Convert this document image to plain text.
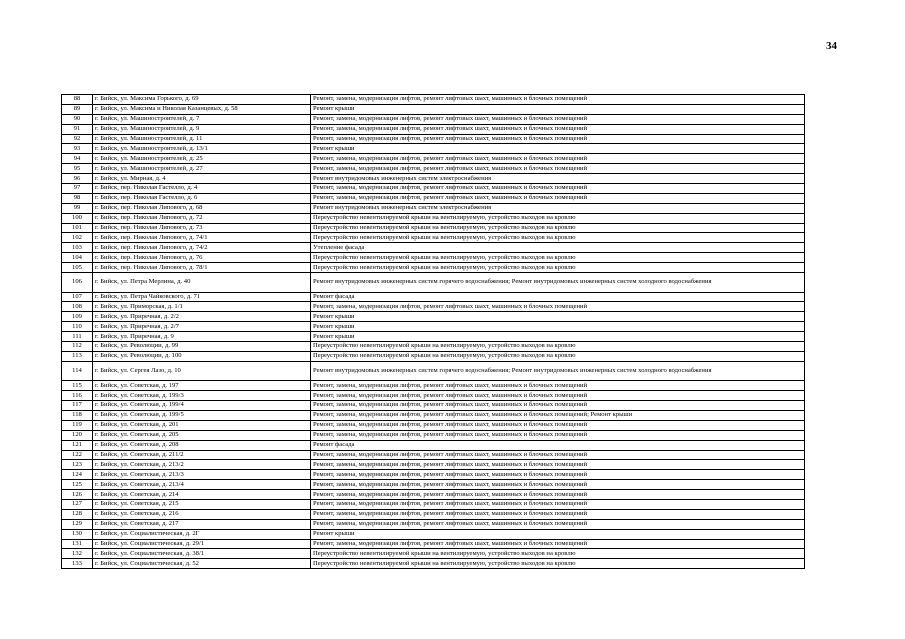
34
88	г. Бийск, ул. Максима Горького, д. 69	Ремонт, замена, модернизация лифтов, ремонт лифтовых шахт, машинных и блочных помещений
89	г. Бийск, ул. Максима и Николая Казанцевых, д. 58	Ремонт крыши
90	г. Бийск, ул. Машиностроителей, д. 7	Ремонт, замена, модернизация лифтов, ремонт лифтовых шахт, машинных и блочных помещений
91	г. Бийск, ул. Машиностроителей, д. 9	Ремонт, замена, модернизация лифтов, ремонт лифтовых шахт, машинных и блочных помещений
92	г. Бийск, ул. Машиностроителей, д. 11	Ремонт, замена, модернизация лифтов, ремонт лифтовых шахт, машинных и блочных помещений
93	г. Бийск, ул. Машиностроителей, д. 13/1	Ремонт крыши
94	г. Бийск, ул. Машиностроителей, д. 25	Ремонт, замена, модернизация лифтов, ремонт лифтовых шахт, машинных и блочных помещений
95	г. Бийск, ул. Машиностроителей, д. 27	Ремонт, замена, модернизация лифтов, ремонт лифтовых шахт, машинных и блочных помещений
96	г. Бийск, ул. Мирная, д. 4	Ремонт внутридомовых инженерных систем электроснабжения
97	г. Бийск, пер. Николая Гастелло, д. 4	Ремонт, замена, модернизация лифтов, ремонт лифтовых шахт, машинных и блочных помещений
98	г. Бийск, пер. Николая Гастелло, д. 6	Ремонт, замена, модернизация лифтов, ремонт лифтовых шахт, машинных и блочных помещений
99	г. Бийск, пер. Николая Липового, д. 68	Ремонт внутридомовых инженерных систем электроснабжения
100	г. Бийск, пер. Николая Липового, д. 72	Переустройство невентилируемой крыши на вентилируемую, устройство выходов на кровлю
101	г. Бийск, пер. Николая Липового, д. 73	Переустройство невентилируемой крыши на вентилируемую, устройство выходов на кровлю
102	г. Бийск, пер. Николая Липового, д. 74/1	Переустройство невентилируемой крыши на вентилируемую, устройство выходов на кровлю
103	г. Бийск, пер. Николая Липового, д. 74/2	Утепление фасада
104	г. Бийск, пер. Николая Липового, д. 76	Переустройство невентилируемой крыши на вентилируемую, устройство выходов на кровлю
105	г. Бийск, пер. Николая Липового, д. 78/1	Переустройство невентилируемой крыши на вентилируемую, устройство выходов на кровлю
106	г. Бийск, ул. Петра Мерлина, д. 40	Ремонт внутридомовых инженерных систем горячего водоснабжения; Ремонт внутридомовых инженерных систем холодного водоснабжения
107	г. Бийск, ул. Петра Чайковского, д. 71	Ремонт фасада
108	г. Бийск, ул. Приморская, д. 1/1	Ремонт, замена, модернизация лифтов, ремонт лифтовых шахт, машинных и блочных помещений
109	г. Бийск, ул. Приречная, д. 2/2	Ремонт крыши
110	г. Бийск, ул. Приречная, д. 2/7	Ремонт крыши
111	г. Бийск, ул. Приречная, д. 9	Ремонт крыши
112	г. Бийск, ул. Революции, д. 99	Переустройство невентилируемой крыши на вентилируемую, устройство выходов на кровлю
113	г. Бийск, ул. Революции, д. 100	Переустройство невентилируемой крыши на вентилируемую, устройство выходов на кровлю
114	г. Бийск, ул. Сергея Лазо, д. 10	Ремонт внутридомовых инженерных систем горячего водоснабжения; Ремонт внутридомовых инженерных систем холодного водоснабжения
115	г. Бийск, ул. Советская, д. 197	Ремонт, замена, модернизация лифтов, ремонт лифтовых шахт, машинных и блочных помещений
116	г. Бийск, ул. Советская, д. 199/3	Ремонт, замена, модернизация лифтов, ремонт лифтовых шахт, машинных и блочных помещений
117	г. Бийск, ул. Советская, д. 199/4	Ремонт, замена, модернизация лифтов, ремонт лифтовых шахт, машинных и блочных помещений
118	г. Бийск, ул. Советская, д. 199/5	Ремонт, замена, модернизация лифтов, ремонт лифтовых шахт, машинных и блочных помещений; Ремонт крыши
119	г. Бийск, ул. Советская, д. 201	Ремонт, замена, модернизация лифтов, ремонт лифтовых шахт, машинных и блочных помещений
120	г. Бийск, ул. Советская, д. 205	Ремонт, замена, модернизация лифтов, ремонт лифтовых шахт, машинных и блочных помещений
121	г. Бийск, ул. Советская, д. 208	Ремонт фасада
122	г. Бийск, ул. Советская, д. 211/2	Ремонт, замена, модернизация лифтов, ремонт лифтовых шахт, машинных и блочных помещений
123	г. Бийск, ул. Советская, д. 213/2	Ремонт, замена, модернизация лифтов, ремонт лифтовых шахт, машинных и блочных помещений
124	г. Бийск, ул. Советская, д. 213/3	Ремонт, замена, модернизация лифтов, ремонт лифтовых шахт, машинных и блочных помещений
125	г. Бийск, ул. Советская, д. 213/4	Ремонт, замена, модернизация лифтов, ремонт лифтовых шахт, машинных и блочных помещений
126	г. Бийск, ул. Советская, д. 214	Ремонт, замена, модернизация лифтов, ремонт лифтовых шахт, машинных и блочных помещений
127	г. Бийск, ул. Советская, д. 215	Ремонт, замена, модернизация лифтов, ремонт лифтовых шахт, машинных и блочных помещений
128	г. Бийск, ул. Советская, д. 216	Ремонт, замена, модернизация лифтов, ремонт лифтовых шахт, машинных и блочных помещений
129	г. Бийск, ул. Советская, д. 217	Ремонт, замена, модернизация лифтов, ремонт лифтовых шахт, машинных и блочных помещений
130	г. Бийск, ул. Социалистическая, д. 2Г	Ремонт крыши
131	г. Бийск, ул. Социалистическая, д. 29/1	Ремонт, замена, модернизация лифтов, ремонт лифтовых шахт, машинных и блочных помещений
132	г. Бийск, ул. Социалистическая, д. 38/1	Переустройство невентилируемой крыши на вентилируемую, устройство выходов на кровлю
133	г. Бийск, ул. Социалистическая, д. 52	Переустройство невентилируемой крыши на вентилируемую, устройство выходов на кровлю
